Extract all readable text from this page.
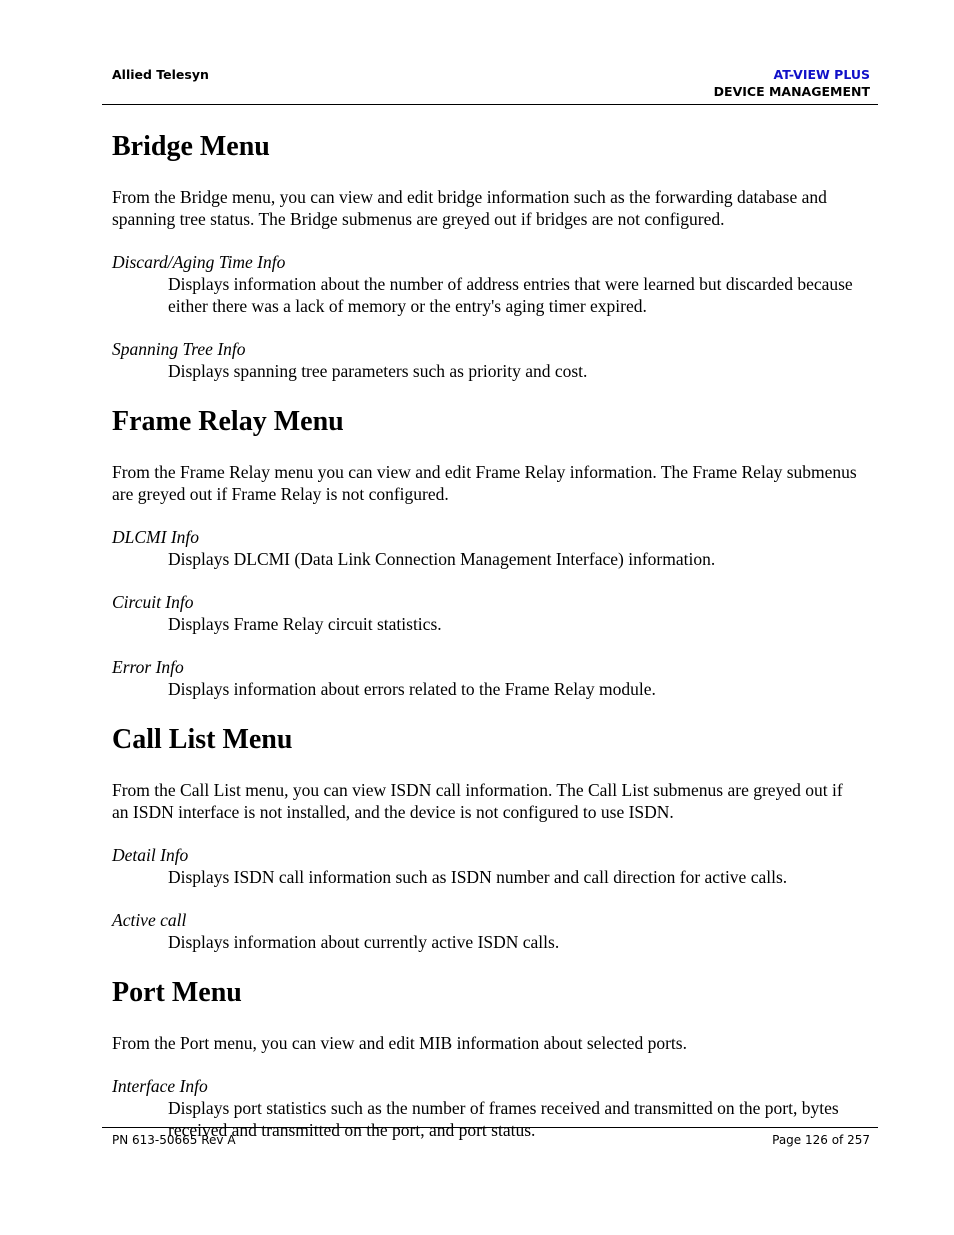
Allied Telesyn	AT-VIEW PLUS
DEVICE MANAGEMENT
Bridge Menu

From the Bridge menu, you can view and edit bridge information such as the forwarding database and spanning tree status. The Bridge submenus are greyed out if bridges are not configured.

Discard/Aging Time Info
Displays information about the number of address entries that were learned but discarded because either there was a lack of memory or the entry's aging timer expired.
Spanning Tree Info
Displays spanning tree parameters such as priority and cost.
Frame Relay Menu

From the Frame Relay menu you can view and edit Frame Relay information. The Frame Relay submenus are greyed out if Frame Relay is not configured.

DLCMI Info
Displays DLCMI (Data Link Connection Management Interface) information.
Circuit Info
Displays Frame Relay circuit statistics.
Error Info
Displays information about errors related to the Frame Relay module.
Call List Menu

From the Call List menu, you can view ISDN call information. The Call List submenus are greyed out if an ISDN interface is not installed, and the device is not configured to use ISDN.

Detail Info
Displays ISDN call information such as ISDN number and call direction for active calls.
Active call
Displays information about currently active ISDN calls.
Port Menu

From the Port menu, you can view and edit MIB information about selected ports.

Interface Info
Displays port statistics such as the number of frames received and transmitted on the port, bytes received and transmitted on the port, and port status.
PN 613-50665 Rev A	Page 126 of 257
